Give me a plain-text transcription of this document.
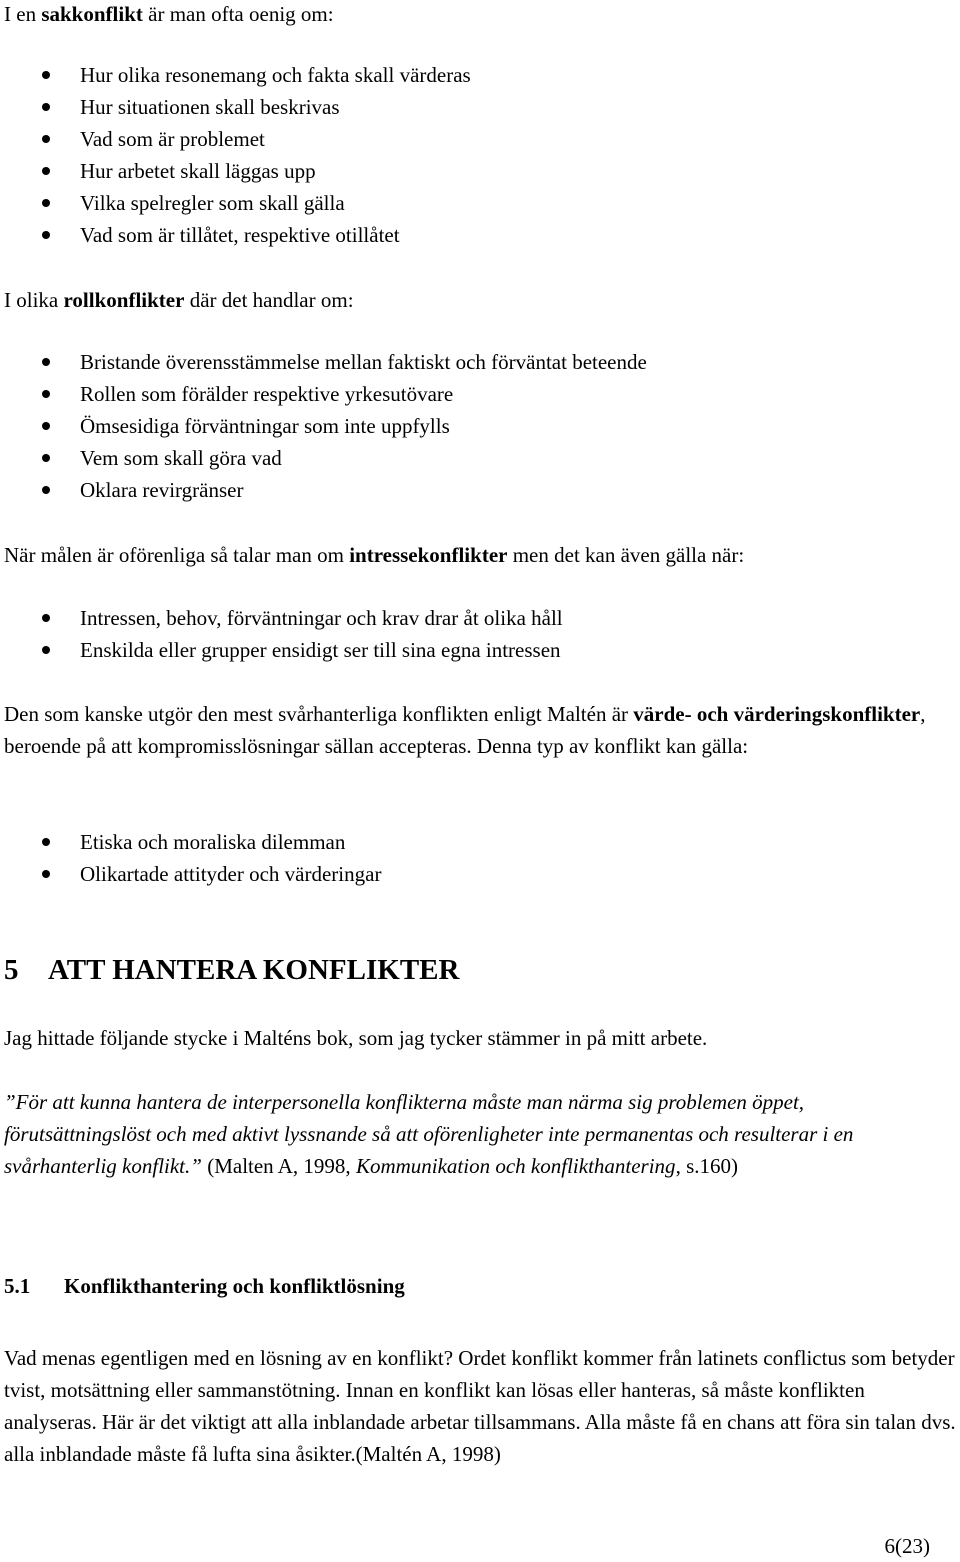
I en sakkonflikt är man ofta oenig om:

Hur olika resonemang och fakta skall värderas
Hur situationen skall beskrivas
Vad som är problemet
Hur arbetet skall läggas upp
Vilka spelregler som skall gälla
Vad som är tillåtet, respektive otillåtet

I olika rollkonflikter där det handlar om:

Bristande överensstämmelse mellan faktiskt och förväntat beteende
Rollen som förälder respektive yrkesutövare
Ömsesidiga förväntningar som inte uppfylls
Vem som skall göra vad
Oklara revirgränser

När målen är oförenliga så talar man om intressekonflikter men det kan även gälla när:

Intressen, behov, förväntningar och krav drar åt olika håll
Enskilda eller grupper ensidigt ser till sina egna intressen

Den som kanske utgör den mest svårhanterliga konflikten enligt Maltén är värde- och värderingskonflikter, beroende på att kompromisslösningar sällan accepteras. Denna typ av konflikt kan gälla:

Etiska och moraliska dilemman
Olikartade attityder och värderingar
5 ATT HANTERA KONFLIKTER

Jag hittade följande stycke i Malténs bok, som jag tycker stämmer in på mitt arbete.

”För att kunna hantera de interpersonella konflikterna måste man närma sig problemen öppet, förutsättningslöst och med aktivt lyssnande så att oförenligheter inte permanentas och resulterar i en svårhanterlig konflikt.” (Malten A, 1998, Kommunikation och konflikthantering, s.160)

5.1 Konflikthantering och konfliktlösning

Vad menas egentligen med en lösning av en konflikt? Ordet konflikt kommer från latinets conflictus som betyder tvist, motsättning eller sammanstötning. Innan en konflikt kan lösas eller hanteras, så måste konflikten analyseras. Här är det viktigt att alla inblandade arbetar tillsammans. Alla måste få en chans att föra sin talan dvs. alla inblandade måste få lufta sina åsikter.(Maltén A, 1998)

6(23)
